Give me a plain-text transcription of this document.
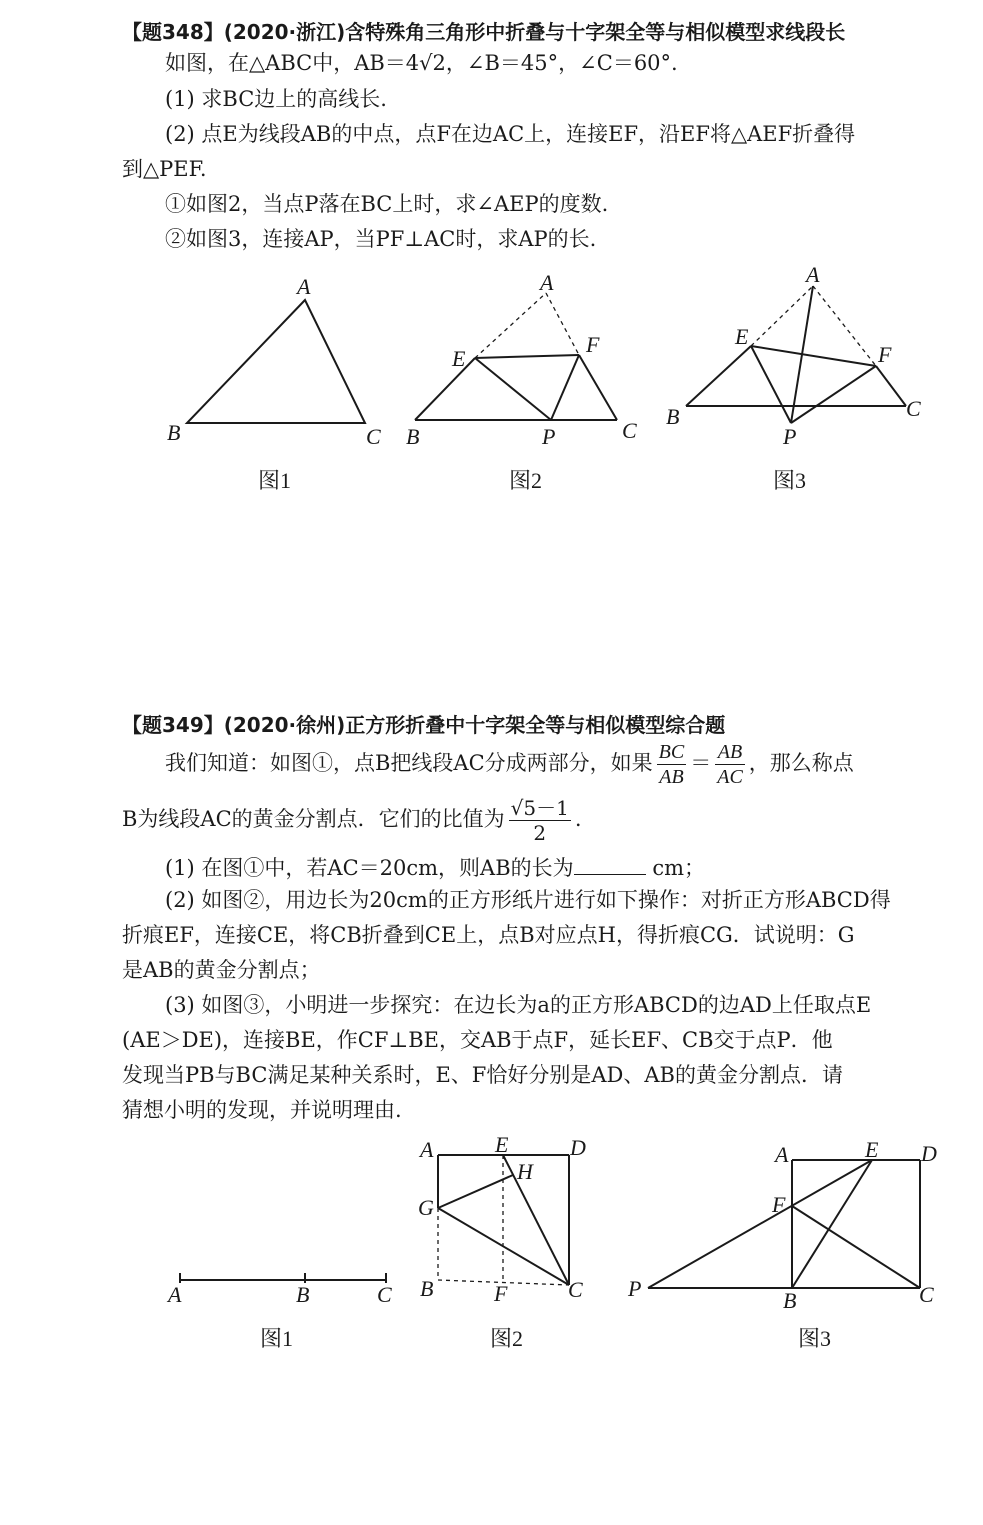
【题348】(2020·浙江)含特殊角三角形中折叠与十字架全等与相似模型求线段长
如图，在△ABC中，AB＝4√2，∠B＝45°，∠C＝60°.
(1) 求BC边上的高线长.
(2) 点E为线段AB的中点，点F在边AC上，连接EF，沿EF将△AEF折叠得
到△PEF.
①如图2，当点P落在BC上时，求∠AEP的度数.
②如图3，连接AP，当PF⊥AC时，求AP的长.
A
B	C
图1
A
E
F
B	P	C
图2
A
E
F
B	C
P
图3
【题349】(2020·徐州)正方形折叠中十字架全等与相似模型综合题
我们知道：如图①，点B把线段AC分成两部分，如果 $\frac{BC}{AB} = \frac{AB}{AC}$ ，那么称点
B为线段AC的黄金分割点．它们的比值为 $\frac{√5-1}{2}$ .
(1) 在图①中，若AC＝20cm，则AB的长为	cm；
(2) 如图②，用边长为20cm的正方形纸片进行如下操作：对折正方形ABCD得
折痕EF，连接CE，将CB折叠到CE上，点B对应点H，得折痕CG．试说明：G
是AB的黄金分割点；
(3) 如图③，小明进一步探究：在边长为a的正方形ABCD的边AD上任取点E
(AE＞DE)，连接BE，作CF⊥BE，交AB于点F，延长EF、CB交于点P．他
发现当PB与BC满足某种关系时，E、F恰好分别是AD、AB的黄金分割点．请
猜想小明的发现，并说明理由.
A	B	C
图1
A	E	D
H
G
B	F	C
图2
A	E D
F
P	B	C
图3
